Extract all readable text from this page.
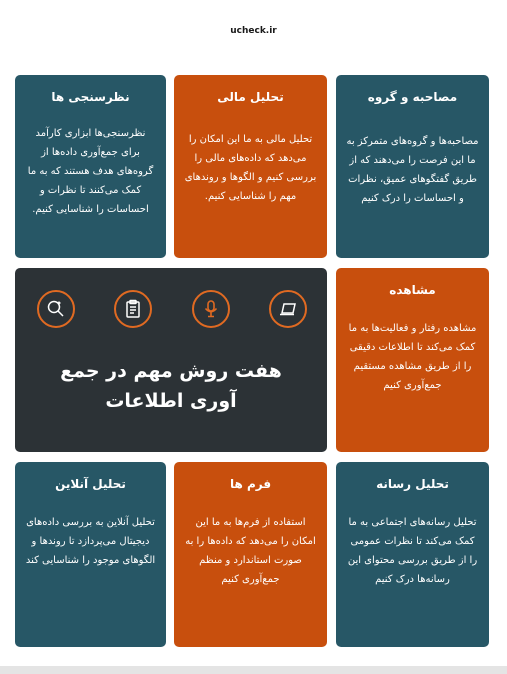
ucheck.ir
مصاحبه و گروه
مصاحبه‌ها و گروه‌های متمرکز به ما این فرصت را می‌دهند که از طریق گفتگوهای عمیق، نظرات و احساسات را درک کنیم
تحلیل مالی
تحلیل مالی به ما این امکان را می‌دهد که داده‌های مالی را بررسی کنیم و الگوها و روندهای مهم را شناسایی کنیم.
نظرسنجی ها
نظرسنجی‌ها ابزاری کارآمد برای جمع‌آوری داده‌ها از گروه‌های هدف هستند که به ما کمک می‌کنند تا نظرات و احساسات را شناسایی کنیم.
مشاهده
مشاهده رفتار و فعالیت‌ها به ما کمک می‌کند تا اطلاعات دقیقی را از طریق مشاهده مستقیم جمع‌آوری کنیم
هفت روش مهم در جمع آوری اطلاعات
تحلیل رسانه
تحلیل رسانه‌های اجتماعی به ما کمک می‌کند تا نظرات عمومی را از طریق بررسی محتوای این رسانه‌ها درک کنیم
فرم ها
استفاده از فرم‌ها به ما این امکان را می‌دهد که داده‌ها را به صورت استاندارد و منظم جمع‌آوری کنیم
تحلیل آنلاین
تحلیل آنلاین به بررسی داده‌های دیجیتال می‌پردازد تا روندها و الگوهای موجود را شناسایی کند
